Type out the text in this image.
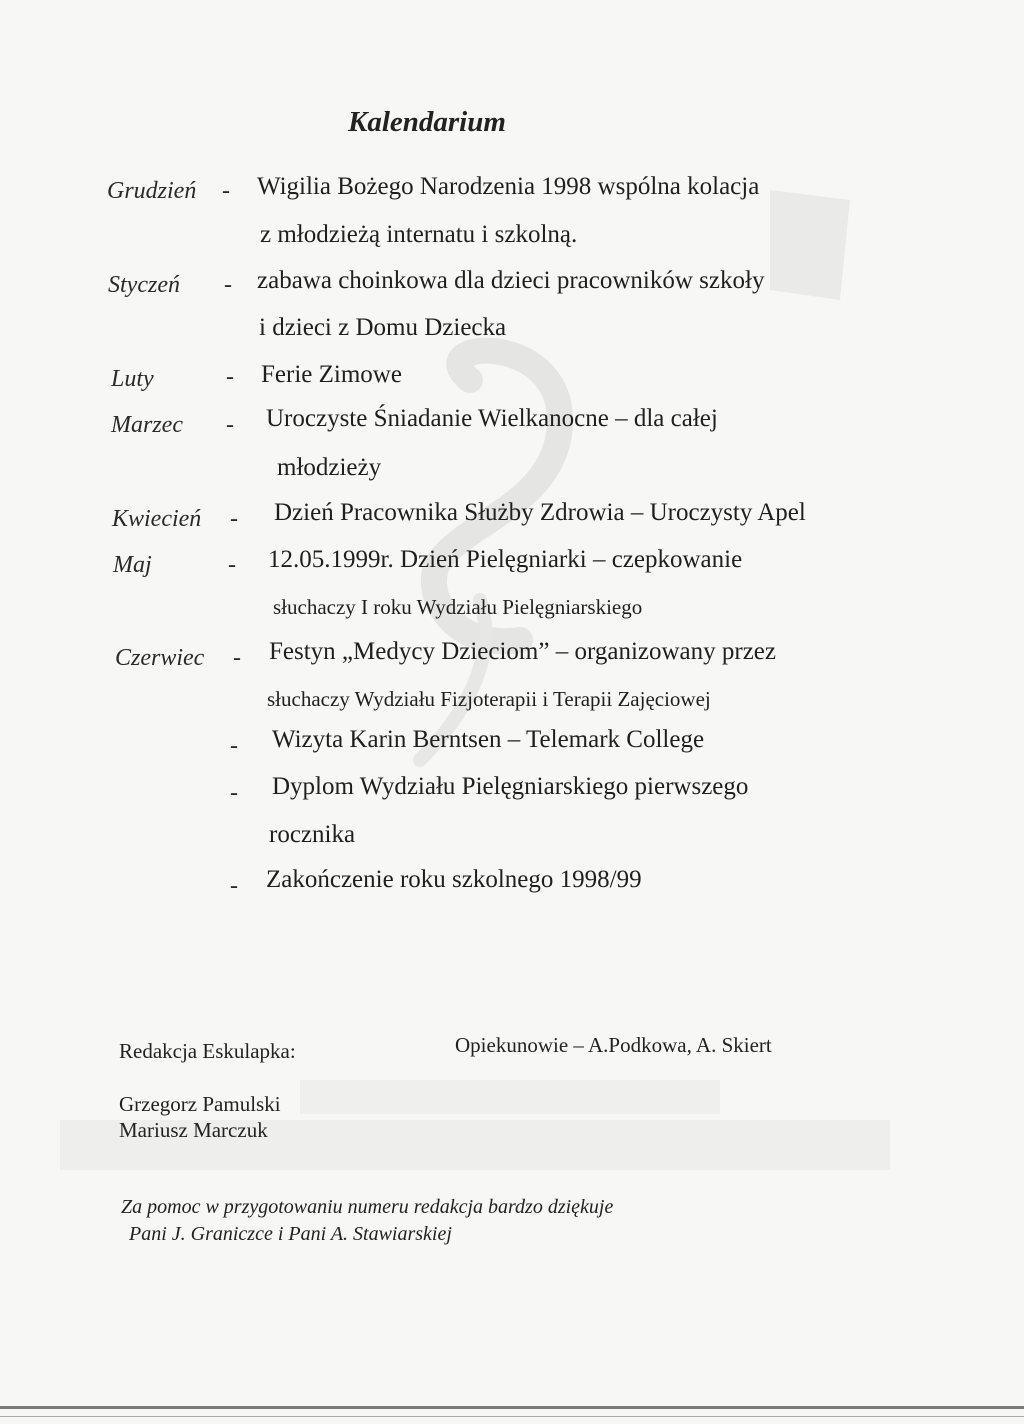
Kalendarium
Grudzień - Wigilia Bożego Narodzenia 1998 wspólna kolacja
z młodzieżą internatu i szkolną.
Styczeń - zabawa choinkowa dla dzieci pracowników szkoły
i dzieci z Domu Dziecka
Luty	- Ferie Zimowe
Marzec - Uroczyste Śniadanie Wielkanocne – dla całej
młodzieży
Kwiecień - Dzień Pracownika Służby Zdrowia – Uroczysty Apel
Maj	- 12.05.1999r. Dzień Pielęgniarki – czepkowanie
słuchaczy I roku Wydziału Pielęgniarskiego
Czerwiec - Festyn „Medycy Dzieciom” – organizowany przez
słuchaczy Wydziału Fizjoterapii i Terapii Zajęciowej
- Wizyta Karin Berntsen – Telemark College
- Dyplom Wydziału Pielęgniarskiego pierwszego
rocznika
- Zakończenie roku szkolnego 1998/99
Redakcja Eskulapka:	Opiekunowie – A.Podkowa, A. Skiert
Grzegorz Pamulski
Mariusz Marczuk
Za pomoc w przygotowaniu numeru redakcja bardzo dziękuje
Pani J. Graniczce i Pani A. Stawiarskiej
